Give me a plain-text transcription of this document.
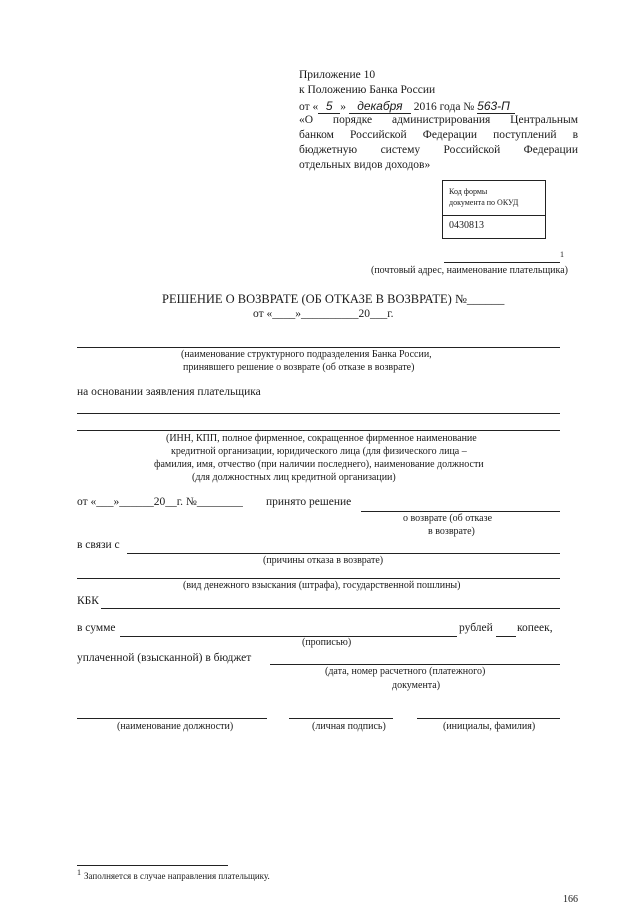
Приложение 10
к Положению Банка России
от « 5 » декабря 2016 года № 563-П
«О порядке администрирования Центральным
банком Российской Федерации поступлений в
бюджетную систему Российской Федерации
отдельных видов доходов»
Код формы
документа по ОКУД
0430813
1
(почтовый адрес, наименование плательщика)
РЕШЕНИЕ О ВОЗВРАТЕ (ОБ ОТКАЗЕ В ВОЗВРАТЕ) №______
от «____»__________20___г.
(наименование структурного подразделения Банка России,
принявшего решение о возврате (об отказе в возврате)
на основании заявления плательщика
(ИНН, КПП, полное фирменное, сокращенное фирменное наименование
кредитной организации, юридического лица (для физического лица –
фамилия, имя, отчество (при наличии последнего), наименование должности
(для должностных лиц кредитной организации)
от «___»______20__г. №________ принято решение
о возврате (об отказе
в возврате)
в связи с
(причины отказа в возврате)
(вид денежного взыскания (штрафа), государственной пошлины)
КБК
в сумме	рублей копеек,
(прописью)
уплаченной (взысканной) в бюджет
(дата, номер расчетного (платежного)
документа)
(наименование должности)	(личная подпись)	(инициалы, фамилия)
1 Заполняется в случае направления плательщику.
166
